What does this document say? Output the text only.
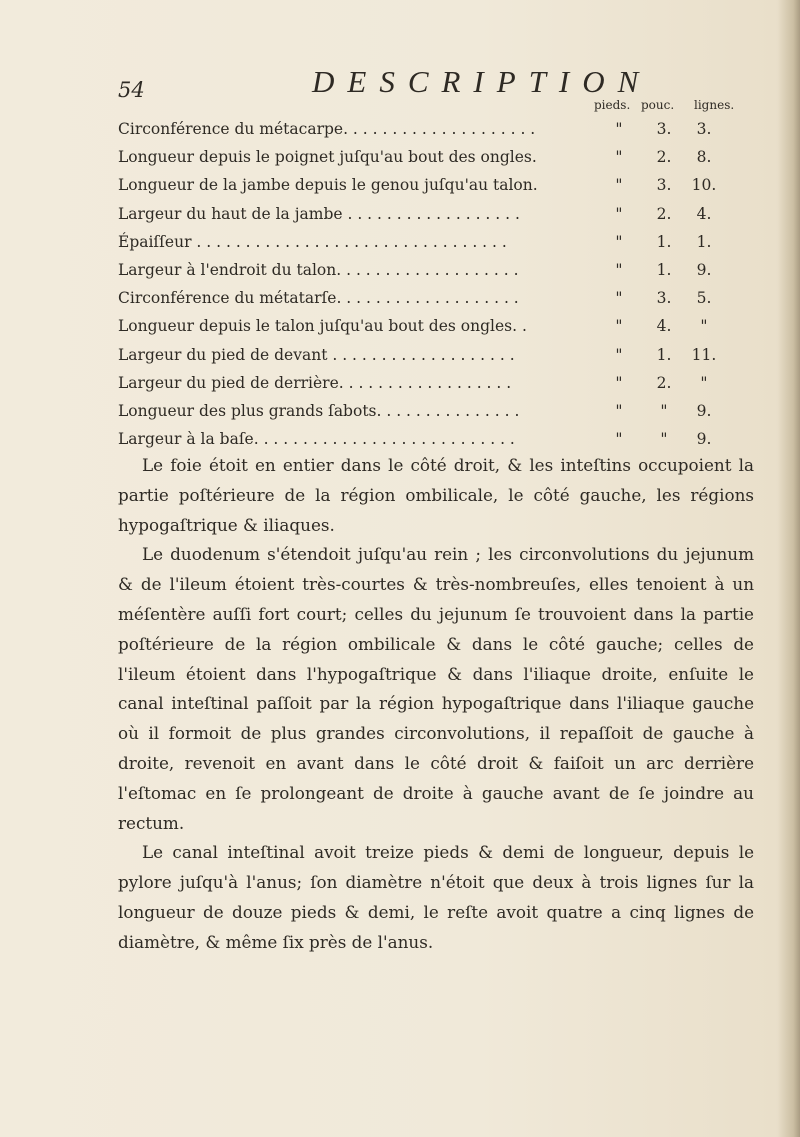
54	DESCRIPTION
pieds. pouc. lignes.
Circonférence du métacarpe. . . . . . . . . . . . . . . . . . . .	"	3.	3.
Longueur depuis le poignet juſqu'au bout des ongles.	"	2.	8.
Longueur de la jambe depuis le genou juſqu'au talon.	"	3.	10.
Largeur du haut de la jambe . . . . . . . . . . . . . . . . . .	"	2.	4.
Épaiſſeur . . . . . . . . . . . . . . . . . . . . . . . . . . . . . . . .	"	1.	1.
Largeur à l'endroit du talon. . . . . . . . . . . . . . . . . . .	"	1.	9.
Circonférence du métatarſe. . . . . . . . . . . . . . . . . . .	"	3.	5.
Longueur depuis le talon juſqu'au bout des ongles. .	"	4.	"
Largeur du pied de devant . . . . . . . . . . . . . . . . . . .	"	1.	11.
Largeur du pied de derrière. . . . . . . . . . . . . . . . . .	"	2.	"
Longueur des plus grands ſabots. . . . . . . . . . . . . . .	"	"	9.
Largeur à la baſe. . . . . . . . . . . . . . . . . . . . . . . . . . .	"	"	9.

Le foie étoit en entier dans le côté droit, & les inteſtins occupoient la partie poſtérieure de la région ombilicale, le côté gauche, les régions hypogaſtrique & iliaques.

Le duodenum s'étendoit juſqu'au rein ; les circonvolutions du jejunum & de l'ileum étoient très-courtes & très-nombreuſes, elles tenoient à un méſentère auſſi fort court; celles du jejunum ſe trouvoient dans la partie poſtérieure de la région ombilicale & dans le côté gauche; celles de l'ileum étoient dans l'hypogaſtrique & dans l'iliaque droite, enſuite le canal inteſtinal paſſoit par la région hypogaſtrique dans l'iliaque gauche où il formoit de plus grandes circonvolutions, il repaſſoit de gauche à droite, revenoit en avant dans le côté droit & faiſoit un arc derrière l'eſtomac en ſe prolongeant de droite à gauche avant de ſe joindre au rectum.

Le canal inteſtinal avoit treize pieds & demi de longueur, depuis le pylore juſqu'à l'anus; ſon diamètre n'étoit que deux à trois lignes ſur la longueur de douze pieds & demi, le reſte avoit quatre a cinq lignes de diamètre, & même ſix près de l'anus.
